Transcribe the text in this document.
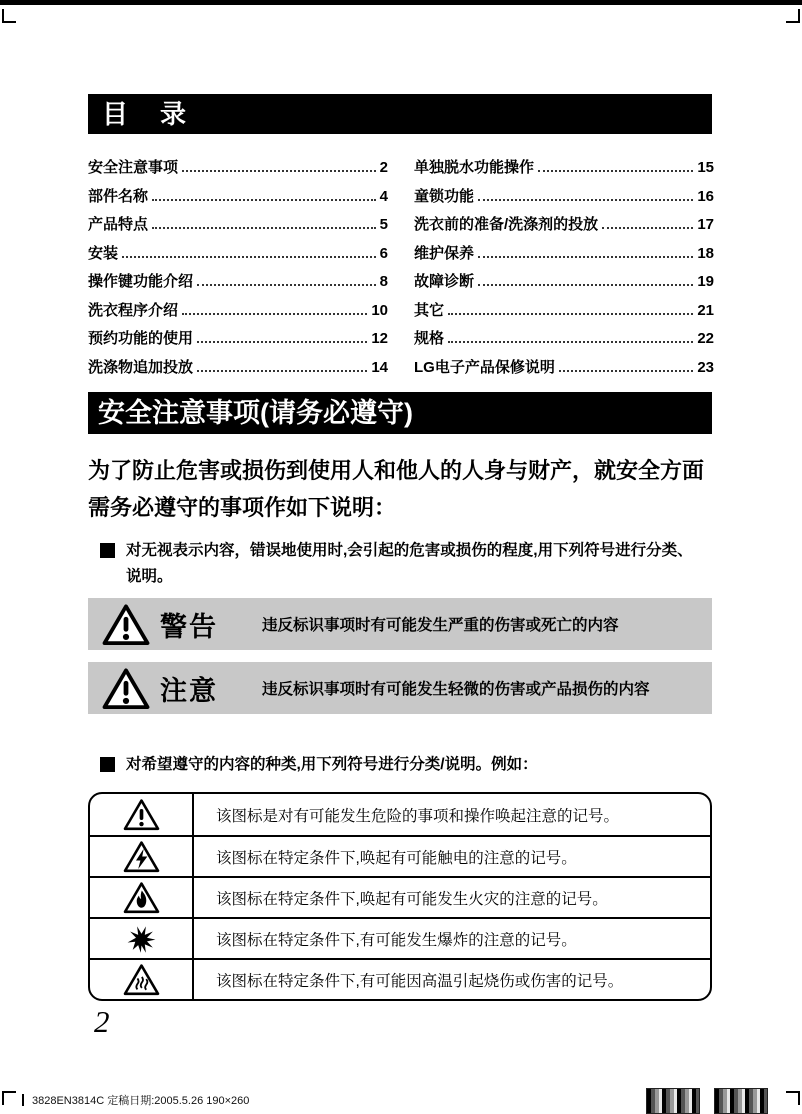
目　录
安全注意事项	2
部件名称	4
产品特点	5
安装	6
操作键功能介绍	8
洗衣程序介绍	10
预约功能的使用	12
洗涤物追加投放	14
单独脱水功能操作	15
童锁功能	16
洗衣前的准备/洗涤剂的投放	17
维护保养	18
故障诊断	19
其它	21
规格	22
LG电子产品保修说明	23
安全注意事项(请务必遵守)
为了防止危害或损伤到使用人和他人的人身与财产，就安全方面需务必遵守的事项作如下说明：
对无视表示内容，错误地使用时,会引起的危害或损伤的程度,用下列符号进行分类、说明。
警告	违反标识事项时有可能发生严重的伤害或死亡的内容
注意	违反标识事项时有可能发生轻微的伤害或产品损伤的内容
对希望遵守的内容的种类,用下列符号进行分类/说明。例如：
该图标是对有可能发生危险的事项和操作唤起注意的记号。
该图标在特定条件下,唤起有可能触电的注意的记号。
该图标在特定条件下,唤起有可能发生火灾的注意的记号。
该图标在特定条件下,有可能发生爆炸的注意的记号。
该图标在特定条件下,有可能因高温引起烧伤或伤害的记号。
2
3828EN3814C 定稿日期:2005.5.26 190×260
